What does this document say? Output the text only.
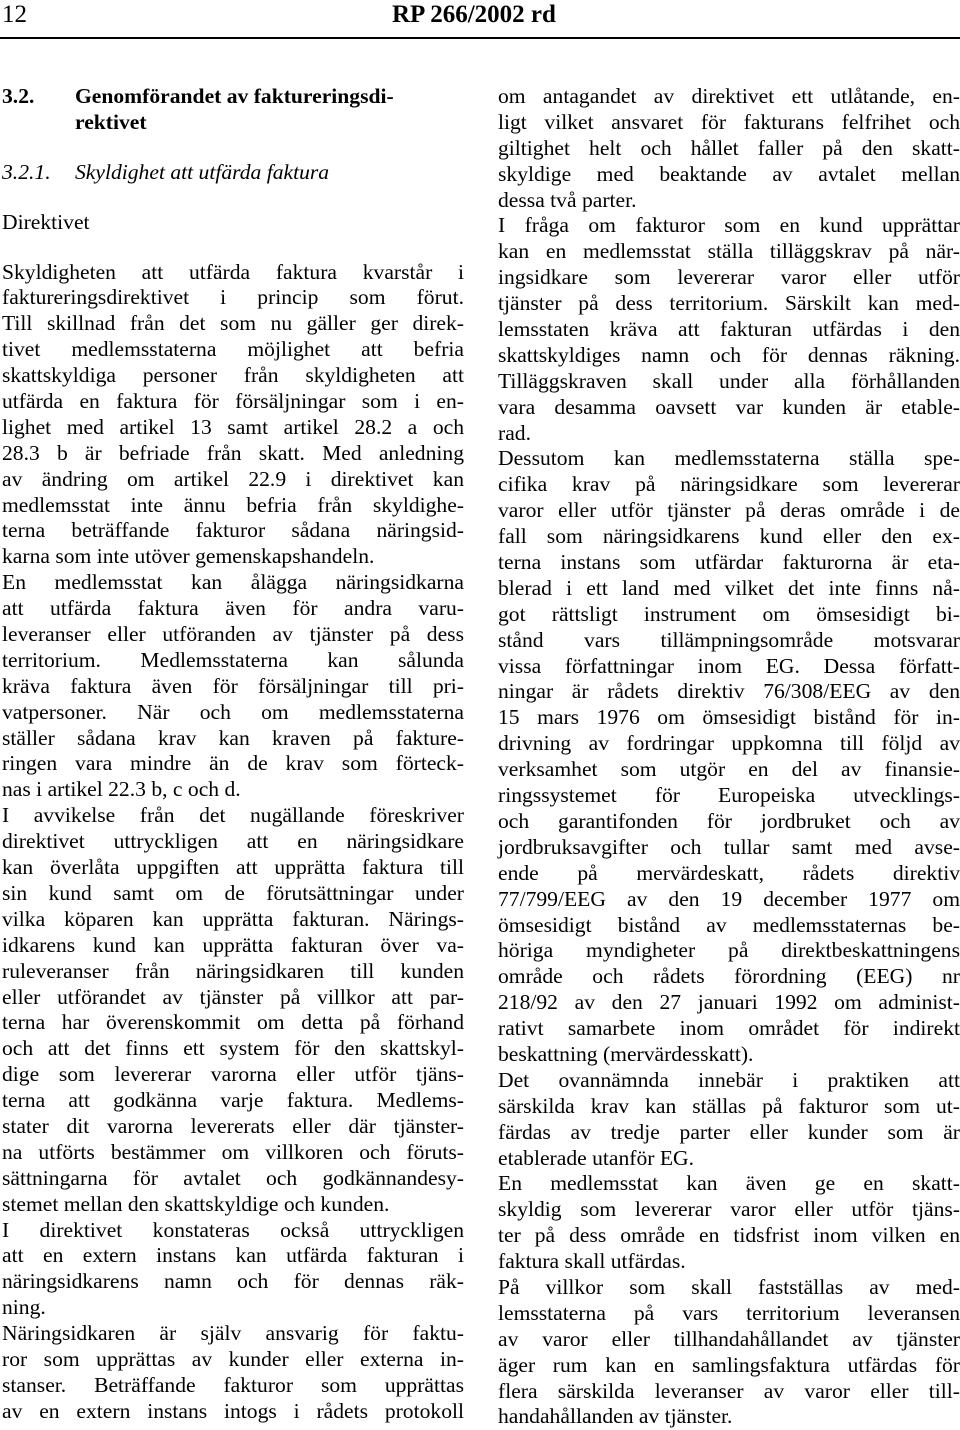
12	RP 266/2002 rd
3.2.	Genomförandet av faktureringsdi-
rektivet
3.2.1.	Skyldighet att utfärda faktura
Direktivet
Skyldigheten att utfärda faktura kvarstår i
faktureringsdirektivet i princip som förut.
Till skillnad från det som nu gäller ger direk-
tivet medlemsstaterna möjlighet att befria
skattskyldiga personer från skyldigheten att
utfärda en faktura för försäljningar som i en-
lighet med artikel 13 samt artikel 28.2 a och
28.3 b är befriade från skatt. Med anledning
av ändring om artikel 22.9 i direktivet kan
medlemsstat inte ännu befria från skyldighe-
terna beträffande fakturor sådana näringsid-
karna som inte utöver gemenskapshandeln.
En medlemsstat kan ålägga näringsidkarna
att utfärda faktura även för andra varu-
leveranser eller utföranden av tjänster på dess
territorium. Medlemsstaterna kan sålunda
kräva faktura även för försäljningar till pri-
vatpersoner. När och om medlemsstaterna
ställer sådana krav kan kraven på fakture-
ringen vara mindre än de krav som förteck-
nas i artikel 22.3 b, c och d.
I avvikelse från det nugällande föreskriver
direktivet uttryckligen att en näringsidkare
kan överlåta uppgiften att upprätta faktura till
sin kund samt om de förutsättningar under
vilka köparen kan upprätta fakturan. Närings-
idkarens kund kan upprätta fakturan över va-
ruleveranser från näringsidkaren till kunden
eller utförandet av tjänster på villkor att par-
terna har överenskommit om detta på förhand
och att det finns ett system för den skattskyl-
dige som levererar varorna eller utför tjäns-
terna att godkänna varje faktura. Medlems-
stater dit varorna levererats eller där tjänster-
na utförts bestämmer om villkoren och föruts-
sättningarna för avtalet och godkännandesy-
stemet mellan den skattskyldige och kunden.
I direktivet konstateras också uttryckligen
att en extern instans kan utfärda fakturan i
näringsidkarens namn och för dennas räk-
ning.
Näringsidkaren är själv ansvarig för faktu-
ror som upprättas av kunder eller externa in-
stanser. Beträffande fakturor som upprättas
av en extern instans intogs i rådets protokoll
om antagandet av direktivet ett utlåtande, en-
ligt vilket ansvaret för fakturans felfrihet och
giltighet helt och hållet faller på den skatt-
skyldige med beaktande av avtalet mellan
dessa två parter.
I fråga om fakturor som en kund upprättar
kan en medlemsstat ställa tilläggskrav på när-
ingsidkare som levererar varor eller utför
tjänster på dess territorium. Särskilt kan med-
lemsstaten kräva att fakturan utfärdas i den
skattskyldiges namn och för dennas räkning.
Tilläggskraven skall under alla förhållanden
vara desamma oavsett var kunden är etable-
rad.
Dessutom kan medlemsstaterna ställa spe-
cifika krav på näringsidkare som levererar
varor eller utför tjänster på deras område i de
fall som näringsidkarens kund eller den ex-
terna instans som utfärdar fakturorna är eta-
blerad i ett land med vilket det inte finns nå-
got rättsligt instrument om ömsesidigt bi-
stånd vars tillämpningsområde motsvarar
vissa författningar inom EG. Dessa författ-
ningar är rådets direktiv 76/308/EEG av den
15 mars 1976 om ömsesidigt bistånd för in-
drivning av fordringar uppkomna till följd av
verksamhet som utgör en del av finansie-
ringssystemet för Europeiska utvecklings-
och garantifonden för jordbruket och av
jordbruksavgifter och tullar samt med avse-
ende på mervärdeskatt, rådets direktiv
77/799/EEG av den 19 december 1977 om
ömsesidigt bistånd av medlemsstaternas be-
höriga myndigheter på direktbeskattningens
område och rådets förordning (EEG) nr
218/92 av den 27 januari 1992 om administ-
rativt samarbete inom området för indirekt
beskattning (mervärdesskatt).
Det ovannämnda innebär i praktiken att
särskilda krav kan ställas på fakturor som ut-
färdas av tredje parter eller kunder som är
etablerade utanför EG.
En medlemsstat kan även ge en skatt-
skyldig som levererar varor eller utför tjäns-
ter på dess område en tidsfrist inom vilken en
faktura skall utfärdas.
På villkor som skall fastställas av med-
lemsstaterna på vars territorium leveransen
av varor eller tillhandahållandet av tjänster
äger rum kan en samlingsfaktura utfärdas för
flera särskilda leveranser av varor eller till-
handahållanden av tjänster.
